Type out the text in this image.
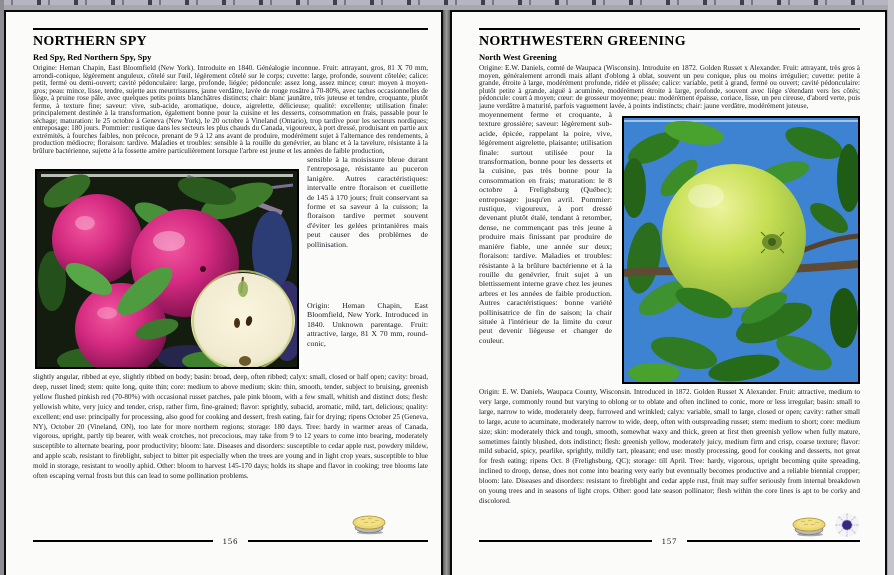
NORTHERN SPY
Red Spy, Red Northern Spy, Spy

Origine: Heman Chapin, East Bloomfield (New York). Introduite en 1840. Généalogie inconnue. Fruit: attrayant, gros, 81 X 70 mm, arrondi-conique, légèrement anguleux, côtelé sur l'œil, légèrement côtelé sur le corps; cuvette: large, profonde, souvent côtelée; calice: petit, fermé ou demi-ouvert; cavité pédonculaire: large, profonde, liégée; pédoncule: assez long, assez mince; cœur: moyen à moyen-gros; peau: mince, lisse, tendre, sujette aux meurtrissures, jaune verdâtre, lavée de rouge rosâtre à 70-80%, avec taches occasionnelles de liège, à pruine rose pâle, avec quelques petits points blanchâtres distincts; chair: blanc jaunâtre, très juteuse et tendre, croquante, plutôt ferme, à texture fine; saveur: vive, sub-acide, aromatique, douce, aigrelette, délicieuse; qualité: excellente; utilisation finale: principalement destinée à la transformation, également bonne pour la cuisine et les desserts, consommation en frais, passable pour le séchage; maturation: le 25 octobre à Geneva (New York), le 20 octobre à Vineland (Ontario), trop tardive pour les secteurs nordiques; entreposage: 180 jours. Pommier: rustique dans les secteurs les plus chauds du Canada, vigoureux, à port dressé, produisant en partie aux extrémités, à fourches faibles, non précoce, prenant de 9 à 12 ans avant de produire, modérément sujet à l'alternance des rendements, à production médiocre; floraison: tardive. Maladies et troubles: sensible à la rouille du genévrier, au blanc et à la tavelure, résistante à la brûlure bactérienne, sujette à la fossette amère particulièrement lorsque l'arbre est jeune et les années de faible production,

sensible à la moisissure bleue durant l'entreposage, résistante au puceron lanigère. Autres caractéristiques: intervalle entre floraison et cueillette de 145 à 170 jours; fruit conservant sa forme et sa saveur à la cuisson; la floraison tardive permet souvent d'éviter les gelées printanières mais peut causer des problèmes de pollinisation.

Origin: Heman Chapin, East Bloomfield, New York. Introduced in 1840. Unknown parentage. Fruit: attractive, large, 81 X 70 mm, round-conic,

slightly angular, ribbed at eye, slightly ribbed on body; basin: broad, deep, often ribbed; calyx: small, closed or half open; cavity: broad, deep, russet lined; stem: quite long, quite thin; core: medium to above medium; skin: thin, smooth, tender, subject to bruising, greenish yellow flushed pinkish red (70-80%) with occasional russet patches, pale pink bloom, with a few small, whitish and distinct dots; flesh: yellowish white, very juicy and tender, crisp, rather firm, fine-grained; flavor: sprightly, subacid, aromatic, mild, tart, delicious; quality: excellent; end use: principally for processing, also good for cooking and dessert, fresh eating, fair for drying; ripens October 25 (Geneva, NY), October 20 (Vineland, ON), too late for more northern regions; storage: 180 days. Tree: hardy in warmer areas of Canada, vigorous, upright, partly tip bearer, with weak crotches, not precocious, may take from 9 to 12 years to come into bearing, moderately susceptible to alternate bearing, poor productivity; bloom: late. Diseases and disorders: susceptible to cedar apple rust, powdery mildew, and apple scab, resistant to fireblight, subject to bitter pit especially when the trees are young and in light crop years, susceptible to blue mold in storage, resistant to woolly aphid. Other: bloom to harvest 145-170 days; holds its shape and flavor in cooking; tree blooms late often escaping vernal frosts but this can lead to some pollination problems.

156
NORTHWESTERN GREENING
North West Greening

Origine: E.W. Daniels, comté de Waupaca (Wisconsin). Introduite en 1872. Golden Russet x Alexander. Fruit: attrayant, très gros à moyen, généralement arrondi mais allant d'oblong à oblat, souvent un peu conique, plus ou moins irrégulier; cuvette: petite à grande, étroite à large, modérément profonde, ridée et plissée; calice: variable, petit à grand, fermé ou ouvert; cavité pédonculaire: plutôt petite à grande, aiguë à acuminée, modérément étroite à large, profonde, souvent avec liège s'étendant vers les côtés; pédoncule: court à moyen; cœur: de grosseur moyenne; peau: modérément épaisse, coriace, lisse, un peu cireuse, d'abord verte, puis jaune verdâtre à maturité, parfois vaguement lavée, à points indistincts; chair: jaune verdâtre, modérément juteuse,

moyennement ferme et croquante, à texture grossière; saveur: légèrement sub-acide, épicée, rappelant la poire, vive, légèrement aigrelette, plaisante; utilisation finale: surtout utilisée pour la transformation, bonne pour les desserts et la cuisine, pas très bonne pour la consommation en frais; maturation: le 8 octobre à Frelighsburg (Québec); entreposage: jusqu'en avril. Pommier: rustique, vigoureux, à port dressé devenant plutôt étalé, tendant à retomber, dense, ne commençant pas très jeune à produire mais finissant par produire de manière fiable, une année sur deux; floraison: tardive. Maladies et troubles: résistante à la brûlure bactérienne et à la rouille du genévrier, fruit sujet à un blettissement interne grave chez les jeunes arbres et les années de faible production. Autres caractéristiques: bonne variété pollinisatrice de fin de saison; la chair située à l'intérieur de la limite du cœur peut devenir liégeuse et changer de couleur.

Origin: E. W. Daniels, Waupaca County, Wisconsin. Introduced in 1872. Golden Russet X Alexander. Fruit: attractive, medium to very large, commonly round but varying to oblong or to oblate and often inclined to conic, more or less irregular; basin: small to large, narrow to wide, moderately deep, furrowed and wrinkled; calyx: variable, small to large, closed or open; cavity: rather small to large, acute to acuminate, moderately narrow to wide, deep, often with outspreading russet; stem: medium to short; core: medium size; skin: moderately thick and tough, smooth, somewhat waxy and thick, green at first then greenish yellow when fully mature, sometimes faintly blushed, dots indistinct; flesh: greenish yellow, moderately juicy, medium firm and crisp, coarse texture; flavor: mild subacid, spicy, pearlike, sprightly, mildly tart, pleasant; end use: mostly processing, good for cooking and desserts, not great for fresh eating; ripens Oct. 8 (Frelighsburg, QC); storage: till April. Tree: hardy, vigorous, upright becoming quite spreading, inclined to droop, dense, does not come into bearing very early but eventually becomes productive and a reliable biennial cropper; bloom: late. Diseases and disorders: resistant to fireblight and cedar apple rust, fruit may suffer seriously from internal breakdown on young trees and in seasons of light crops. Other: good late season pollinator; flesh within the core lines is apt to be corky and discolored.

157
